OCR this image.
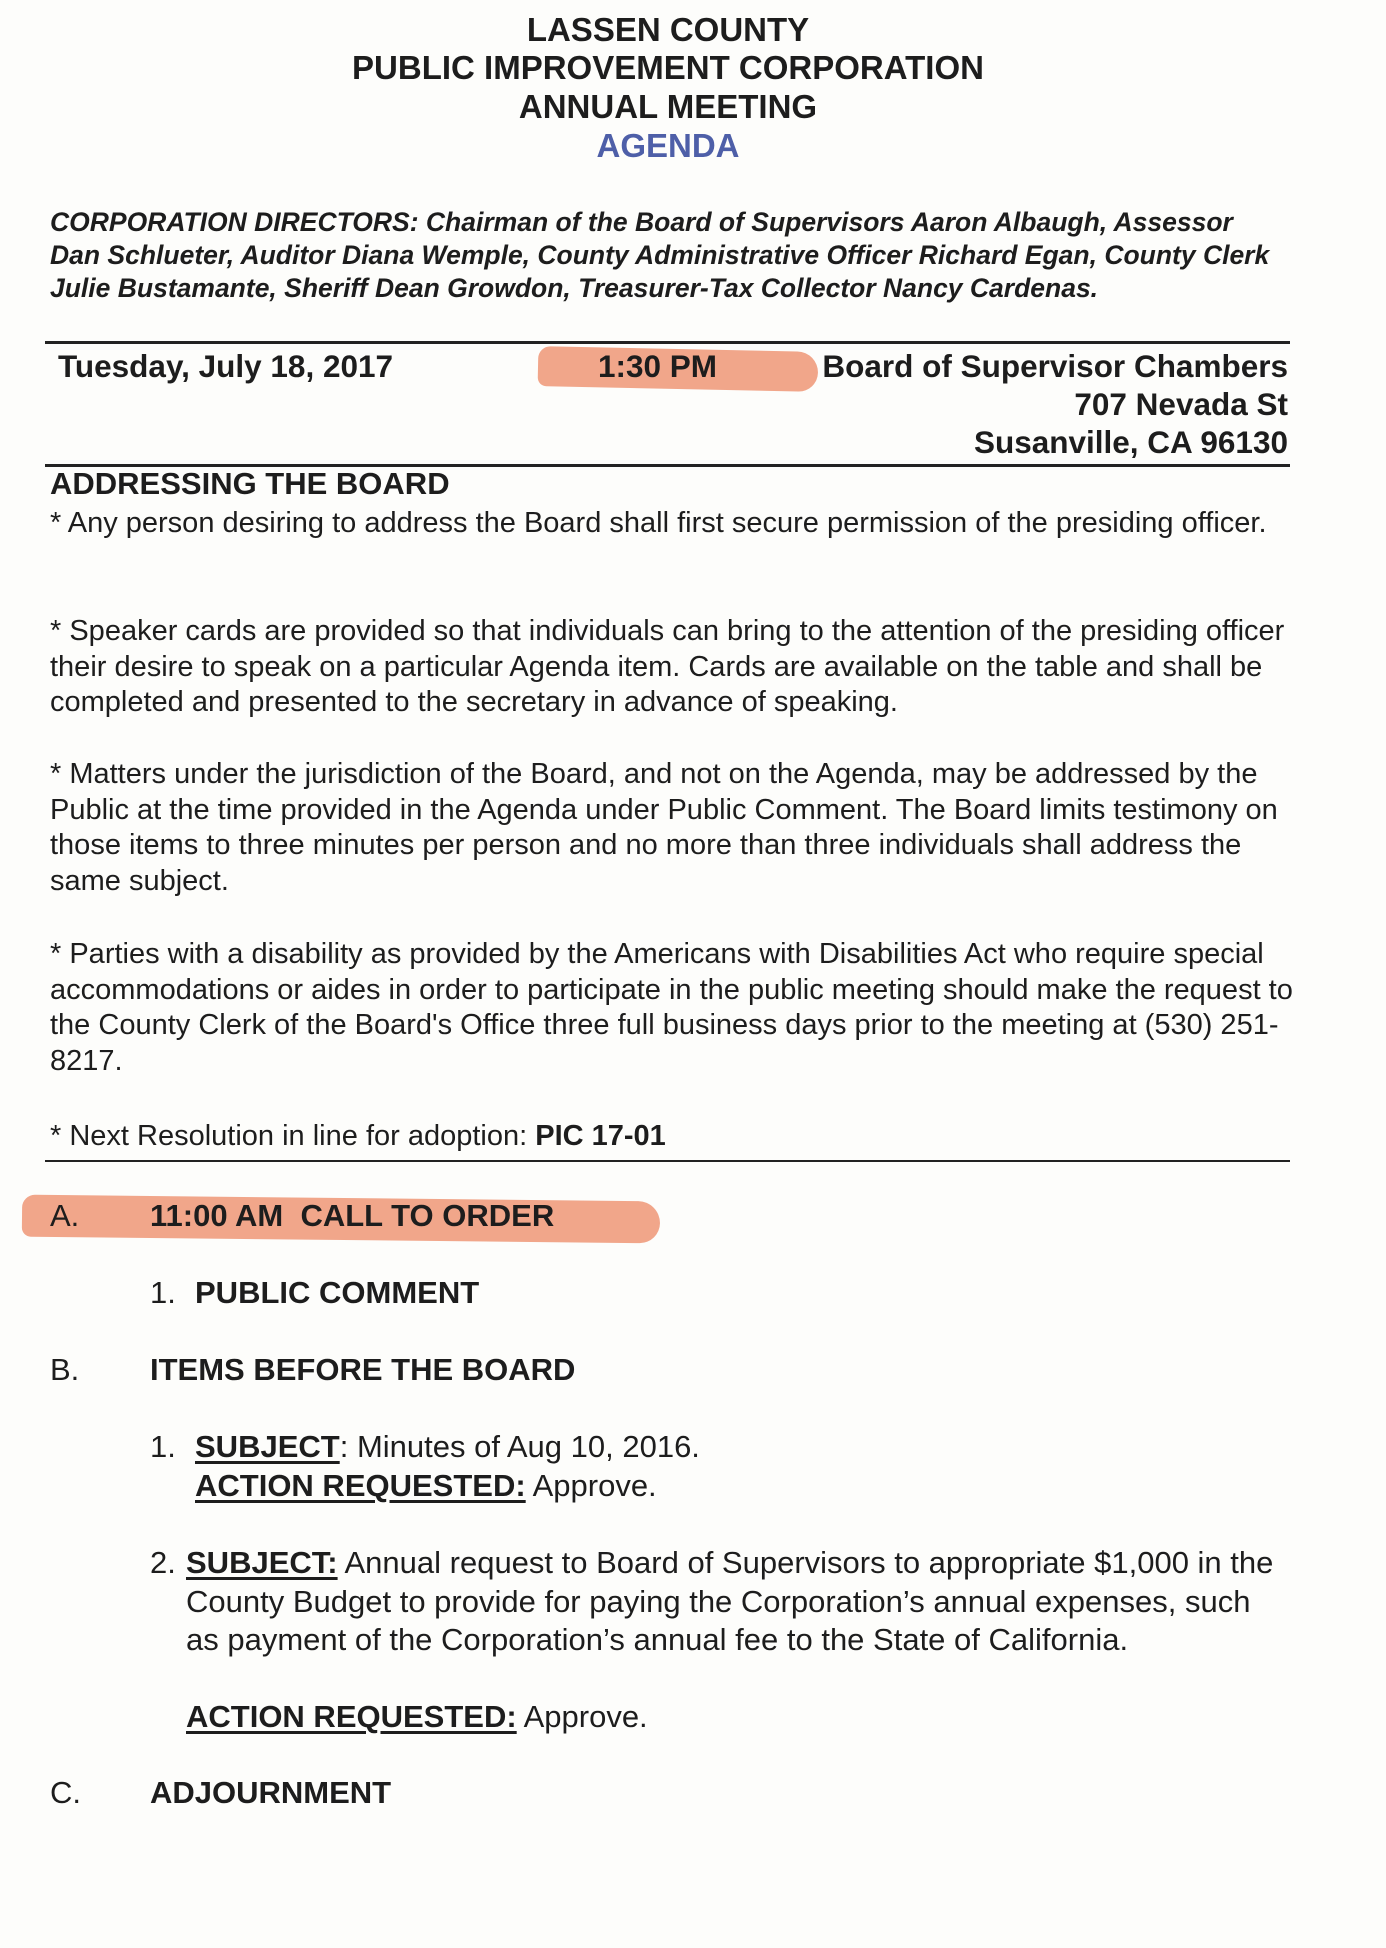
LASSEN COUNTY
PUBLIC IMPROVEMENT CORPORATION
ANNUAL MEETING
AGENDA
CORPORATION DIRECTORS: Chairman of the Board of Supervisors Aaron Albaugh, Assessor Dan Schlueter, Auditor Diana Wemple, County Administrative Officer Richard Egan, County Clerk Julie Bustamante, Sheriff Dean Growdon, Treasurer-Tax Collector Nancy Cardenas.
Tuesday, July 18, 2017	1:30 PM	Board of Supervisor Chambers
707 Nevada St
Susanville, CA 96130
ADDRESSING THE BOARD
* Any person desiring to address the Board shall first secure permission of the presiding officer.
* Speaker cards are provided so that individuals can bring to the attention of the presiding officer their desire to speak on a particular Agenda item. Cards are available on the table and shall be completed and presented to the secretary in advance of speaking.
* Matters under the jurisdiction of the Board, and not on the Agenda, may be addressed by the Public at the time provided in the Agenda under Public Comment. The Board limits testimony on those items to three minutes per person and no more than three individuals shall address the same subject.
* Parties with a disability as provided by the Americans with Disabilities Act who require special accommodations or aides in order to participate in the public meeting should make the request to the County Clerk of the Board's Office three full business days prior to the meeting at (530) 251-8217.
* Next Resolution in line for adoption: PIC 17-01
A. 11:00 AM  CALL TO ORDER
1. PUBLIC COMMENT
B. ITEMS BEFORE THE BOARD
1. SUBJECT: Minutes of Aug 10, 2016.
ACTION REQUESTED: Approve.
2. SUBJECT: Annual request to Board of Supervisors to appropriate $1,000 in the County Budget to provide for paying the Corporation’s annual expenses, such as payment of the Corporation’s annual fee to the State of California.
ACTION REQUESTED: Approve.
C. ADJOURNMENT
